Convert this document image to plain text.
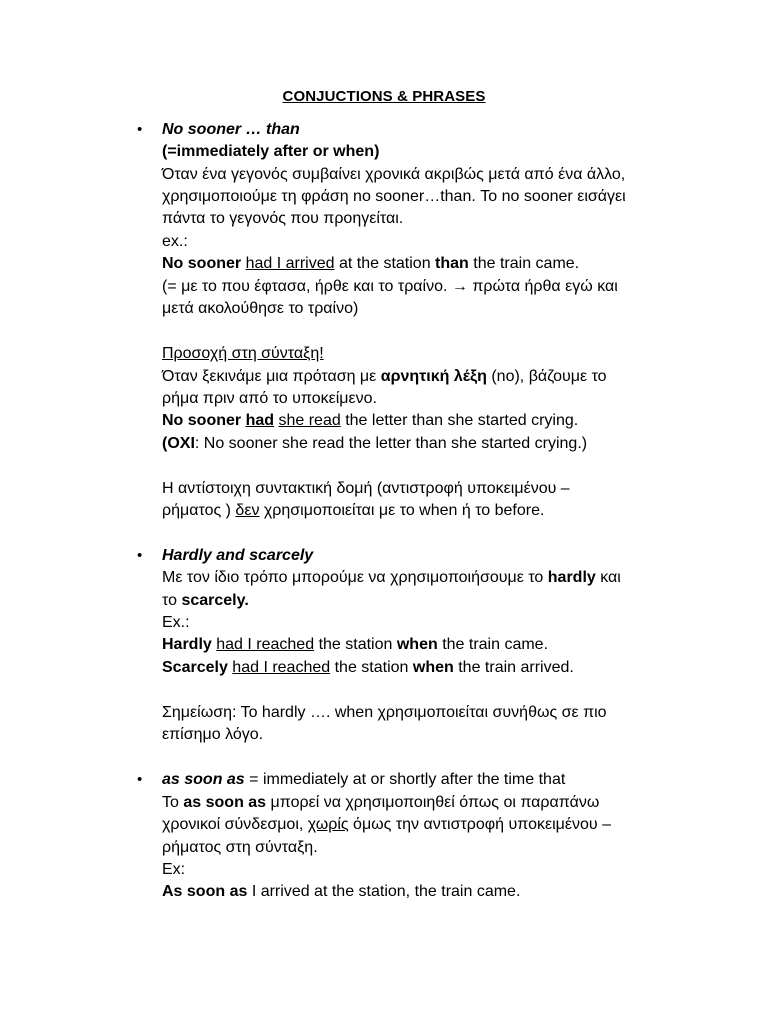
CONJUCTIONS & PHRASES
•	No sooner … than
(=immediately after or when)
Όταν ένα γεγονός συμβαίνει χρονικά ακριβώς μετά από ένα άλλο,
χρησιμοποιούμε τη φράση no sooner…than. Το no sooner εισάγει
πάντα το γεγονός που προηγείται.
ex.:
No sooner had I arrived at the station than the train came.
(= με το που έφτασα, ήρθε και το τραίνο. → πρώτα ήρθα εγώ και
μετά ακολούθησε το τραίνο)
Προσοχή στη σύνταξη!
Όταν ξεκινάμε μια πρόταση με αρνητική λέξη (no), βάζουμε το
ρήμα πριν από το υποκείμενο.
No sooner had she read the letter than she started crying.
(ΟΧΙ: No sooner she read the letter than she started crying.)
Η αντίστοιχη συντακτική δομή (αντιστροφή υποκειμένου –
ρήματος ) δεν χρησιμοποιείται με το when ή το before.
•	Hardly and scarcely
Με τον ίδιο τρόπο μπορούμε να χρησιμοποιήσουμε το hardly και
το scarcely.
Ex.:
Hardly had I reached the station when the train came.
Scarcely had I reached the station when the train arrived.
Σημείωση: Το hardly …. when χρησιμοποιείται συνήθως σε πιο
επίσημο λόγο.
•	as soon as = immediately at or shortly after the time that
Το as soon as μπορεί να χρησιμοποιηθεί όπως οι παραπάνω
χρονικοί σύνδεσμοι, χωρίς όμως την αντιστροφή υποκειμένου –
ρήματος στη σύνταξη.
Ex:
As soon as I arrived at the station, the train came.
